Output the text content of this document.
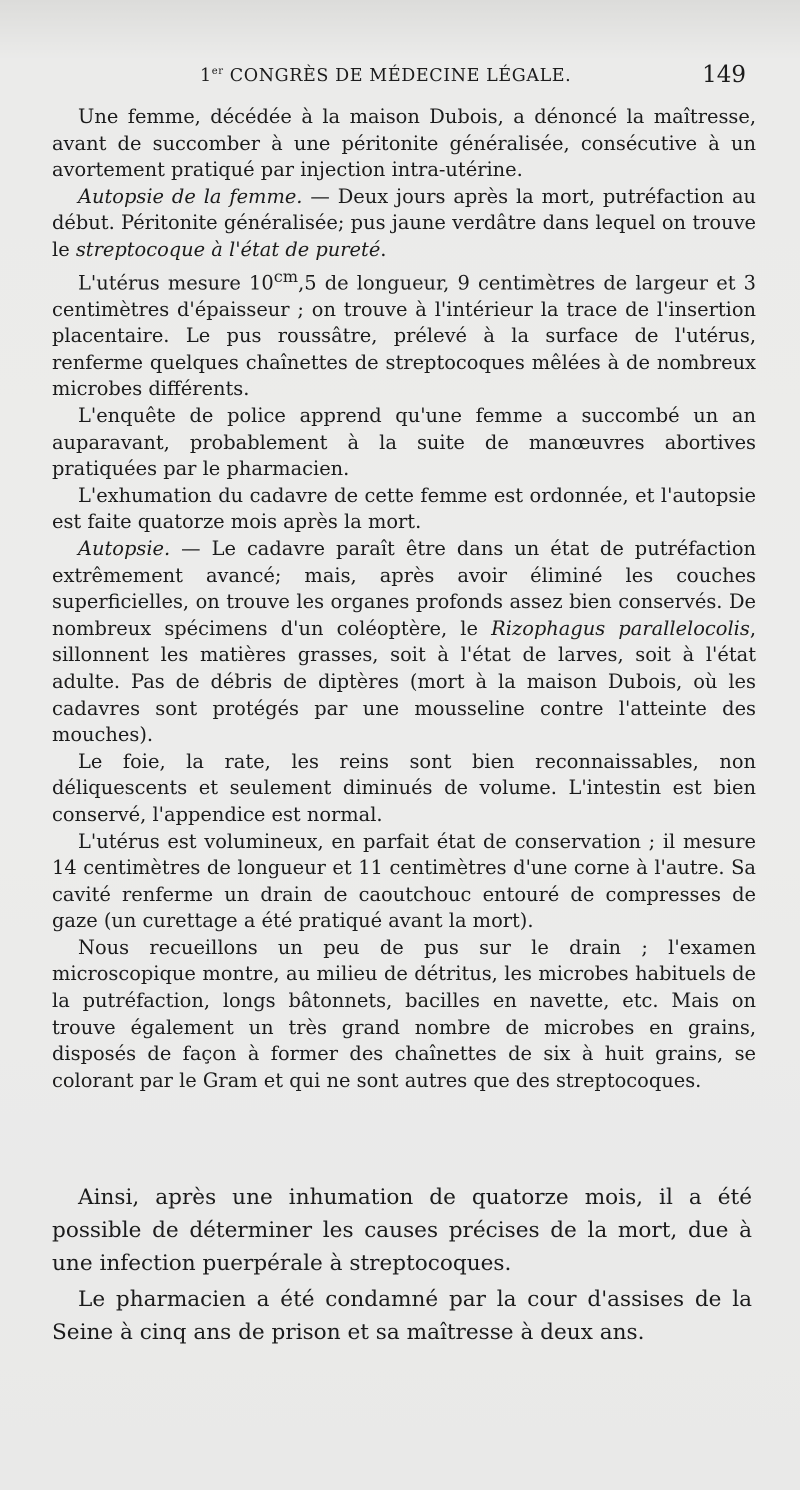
1er CONGRÈS DE MÉDECINE LÉGALE.	149

Une femme, décédée à la maison Dubois, a dénoncé la maîtresse, avant de succomber à une péritonite généralisée, consécutive à un avortement pratiqué par injection intra-utérine.

Autopsie de la femme. — Deux jours après la mort, putréfaction au début. Péritonite généralisée; pus jaune verdâtre dans lequel on trouve le streptocoque à l'état de pureté.

L'utérus mesure $10^{cm},5$ de longueur, 9 centimètres de largeur et 3 centimètres d'épaisseur ; on trouve à l'intérieur la trace de l'insertion placentaire. Le pus roussâtre, prélevé à la surface de l'utérus, renferme quelques chaînettes de streptocoques mêlées à de nombreux microbes différents.

L'enquête de police apprend qu'une femme a succombé un an auparavant, probablement à la suite de manœuvres abortives pratiquées par le pharmacien.

L'exhumation du cadavre de cette femme est ordonnée, et l'autopsie est faite quatorze mois après la mort.

Autopsie. — Le cadavre paraît être dans un état de putréfaction extrêmement avancé; mais, après avoir éliminé les couches superficielles, on trouve les organes profonds assez bien conservés. De nombreux spécimens d'un coléoptère, le Rizophagus parallelocolis, sillonnent les matières grasses, soit à l'état de larves, soit à l'état adulte. Pas de débris de diptères (mort à la maison Dubois, où les cadavres sont protégés par une mousseline contre l'atteinte des mouches).

Le foie, la rate, les reins sont bien reconnaissables, non déliquescents et seulement diminués de volume. L'intestin est bien conservé, l'appendice est normal.

L'utérus est volumineux, en parfait état de conservation ; il mesure 14 centimètres de longueur et 11 centimètres d'une corne à l'autre. Sa cavité renferme un drain de caoutchouc entouré de compresses de gaze (un curettage a été pratiqué avant la mort).

Nous recueillons un peu de pus sur le drain ; l'examen microscopique montre, au milieu de détritus, les microbes habituels de la putréfaction, longs bâtonnets, bacilles en navette, etc. Mais on trouve également un très grand nombre de microbes en grains, disposés de façon à former des chaînettes de six à huit grains, se colorant par le Gram et qui ne sont autres que des streptocoques.

Ainsi, après une inhumation de quatorze mois, il a été possible de déterminer les causes précises de la mort, due à une infection puerpérale à streptocoques.

Le pharmacien a été condamné par la cour d'assises de la Seine à cinq ans de prison et sa maîtresse à deux ans.
